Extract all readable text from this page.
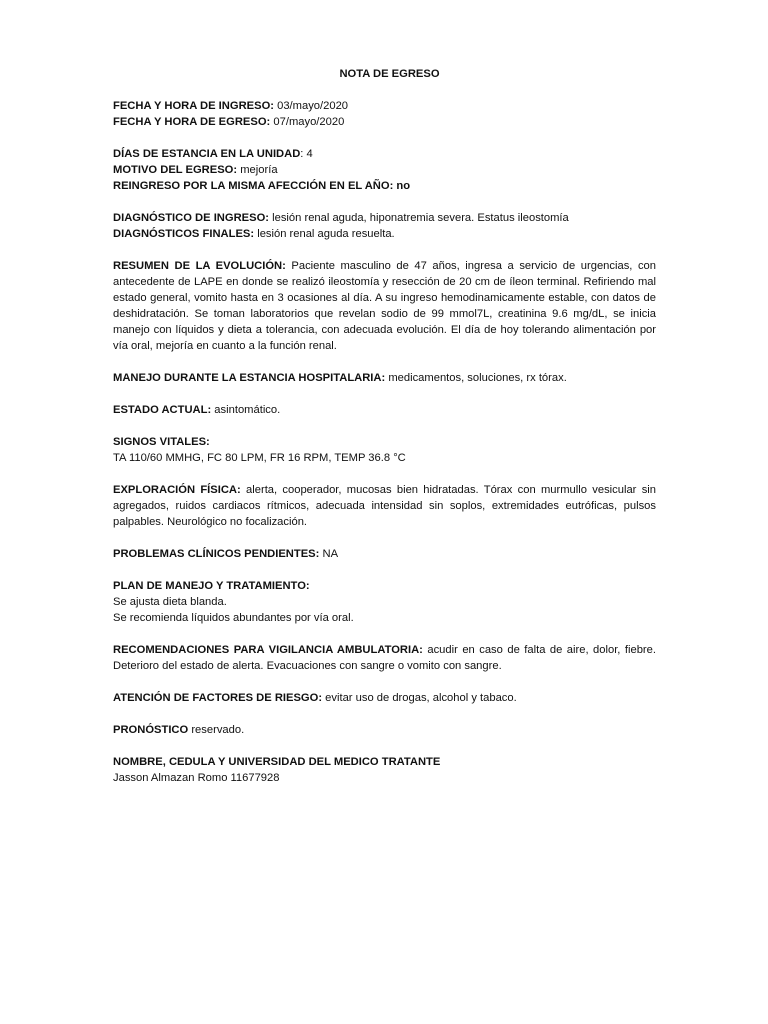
NOTA DE EGRESO

FECHA Y HORA DE INGRESO: 03/mayo/2020

FECHA Y HORA DE EGRESO: 07/mayo/2020

DÍAS DE ESTANCIA EN LA UNIDAD: 4

MOTIVO DEL EGRESO: mejoría

REINGRESO POR LA MISMA AFECCIÓN EN EL AÑO: no

DIAGNÓSTICO DE INGRESO: lesión renal aguda, hiponatremia severa. Estatus ileostomía

DIAGNÓSTICOS FINALES: lesión renal aguda resuelta.

RESUMEN DE LA EVOLUCIÓN: Paciente masculino de 47 años, ingresa a servicio de urgencias, con antecedente de LAPE en donde se realizó ileostomía y resección de 20 cm de íleon terminal. Refiriendo mal estado general, vomito hasta en 3 ocasiones al día. A su ingreso hemodinamicamente estable, con datos de deshidratación. Se toman laboratorios que revelan sodio de 99 mmol7L, creatinina 9.6 mg/dL, se inicia manejo con líquidos y dieta a tolerancia, con adecuada evolución. El día de hoy tolerando alimentación por vía oral, mejoría en cuanto a la función renal.

MANEJO DURANTE LA ESTANCIA HOSPITALARIA: medicamentos, soluciones, rx tórax.

ESTADO ACTUAL: asintomático.

SIGNOS VITALES:

TA 110/60 MMHG, FC 80 LPM, FR 16 RPM, TEMP 36.8 °C

EXPLORACIÓN FÍSICA: alerta, cooperador, mucosas bien hidratadas. Tórax con murmullo vesicular sin agregados, ruidos cardiacos rítmicos, adecuada intensidad sin soplos, extremidades eutróficas, pulsos palpables. Neurológico no focalización.

PROBLEMAS CLÍNICOS PENDIENTES: NA

PLAN DE MANEJO Y TRATAMIENTO:

Se ajusta dieta blanda.

Se recomienda líquidos abundantes por vía oral.

RECOMENDACIONES PARA VIGILANCIA AMBULATORIA: acudir en caso de falta de aire, dolor, fiebre. Deterioro del estado de alerta. Evacuaciones con sangre o vomito con sangre.

ATENCIÓN DE FACTORES DE RIESGO: evitar uso de drogas, alcohol y tabaco.

PRONÓSTICO reservado.

NOMBRE, CEDULA Y UNIVERSIDAD DEL MEDICO TRATANTE

Jasson Almazan Romo 11677928
